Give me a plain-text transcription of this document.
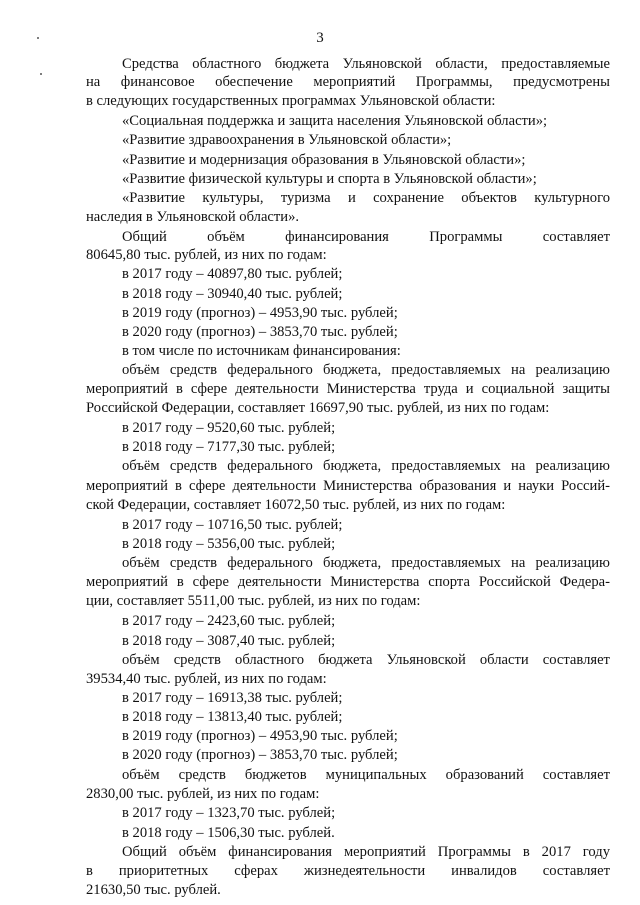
3
Средства областного бюджета Ульяновской области, предоставляемые
на финансовое обеспечение мероприятий Программы, предусмотрены
в следующих государственных программах Ульяновской области:
«Социальная поддержка и защита населения Ульяновской области»;
«Развитие здравоохранения в Ульяновской области»;
«Развитие и модернизация образования в Ульяновской области»;
«Развитие физической культуры и спорта в Ульяновской области»;
«Развитие культуры, туризма и сохранение объектов культурного
наследия в Ульяновской области».
Общий	объём	финансирования	Программы	составляет
80645,80 тыс. рублей, из них по годам:
в 2017 году – 40897,80 тыс. рублей;
в 2018 году – 30940,40 тыс. рублей;
в 2019 году (прогноз) – 4953,90 тыс. рублей;
в 2020 году (прогноз) – 3853,70 тыс. рублей;
в том числе по источникам финансирования:
объём средств федерального бюджета, предоставляемых на реализацию
мероприятий в сфере деятельности Министерства труда и социальной защиты
Российской Федерации, составляет 16697,90 тыс. рублей, из них по годам:
в 2017 году – 9520,60 тыс. рублей;
в 2018 году – 7177,30 тыс. рублей;
объём средств федерального бюджета, предоставляемых на реализацию
мероприятий в сфере деятельности Министерства образования и науки Россий-
ской Федерации, составляет 16072,50 тыс. рублей, из них по годам:
в 2017 году – 10716,50 тыс. рублей;
в 2018 году – 5356,00 тыс. рублей;
объём средств федерального бюджета, предоставляемых на реализацию
мероприятий в сфере деятельности Министерства спорта Российской Федера-
ции, составляет 5511,00 тыс. рублей, из них по годам:
в 2017 году – 2423,60 тыс. рублей;
в 2018 году – 3087,40 тыс. рублей;
объём средств областного бюджета Ульяновской области составляет
39534,40 тыс. рублей, из них по годам:
в 2017 году – 16913,38 тыс. рублей;
в 2018 году – 13813,40 тыс. рублей;
в 2019 году (прогноз) – 4953,90 тыс. рублей;
в 2020 году (прогноз) – 3853,70 тыс. рублей;
объём средств бюджетов муниципальных образований составляет
2830,00 тыс. рублей, из них по годам:
в 2017 году – 1323,70 тыс. рублей;
в 2018 году – 1506,30 тыс. рублей.
Общий объём финансирования мероприятий Программы в 2017 году
в приоритетных сферах жизнедеятельности инвалидов составляет
21630,50 тыс. рублей.
